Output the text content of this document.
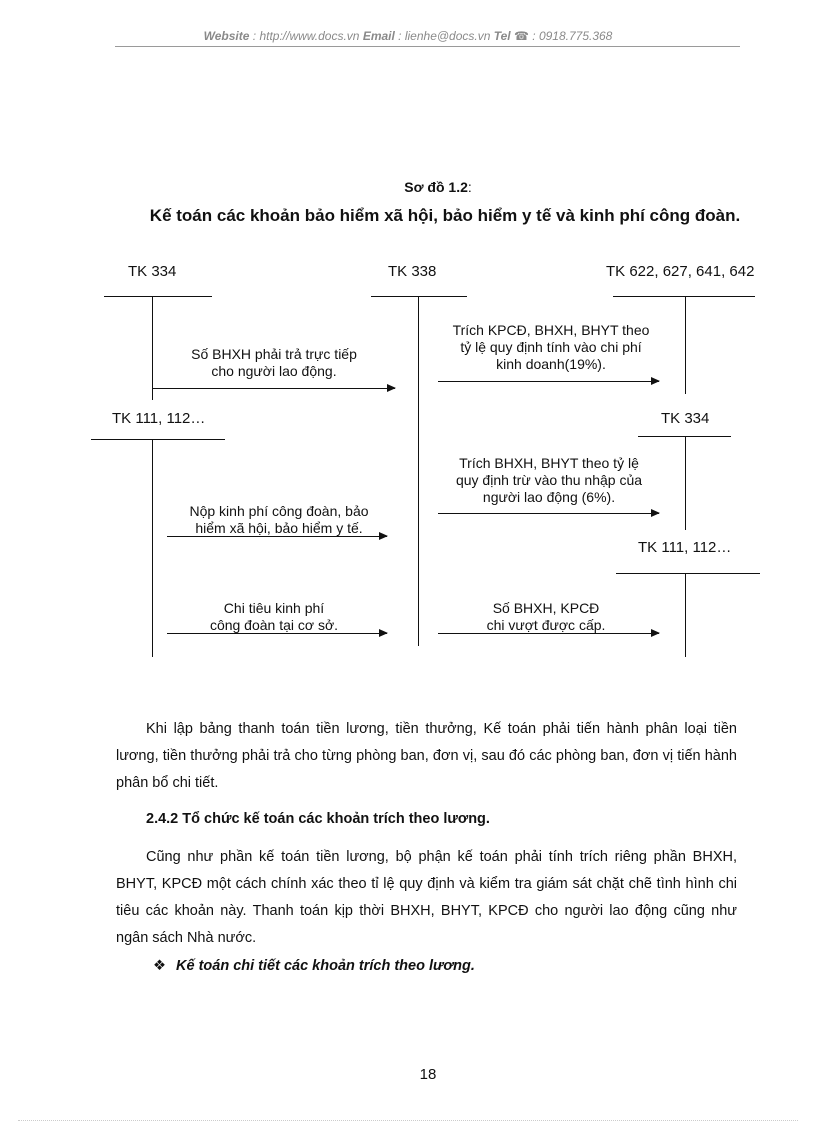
Website : http://www.docs.vn Email : lienhe@docs.vn Tel ☎ : 0918.775.368
Sơ đồ 1.2:
Kế toán các khoản bảo hiểm xã hội, bảo hiểm y tế và kinh phí công đoàn.
TK 334	TK 338	TK 622, 627, 641, 642
Số BHXH phải trả trực tiếp
cho người lao động.
Trích KPCĐ, BHXH, BHYT theo
tỷ lệ quy định tính vào chi phí
kinh doanh(19%).
TK 111, 112…	TK 334
Trích BHXH, BHYT theo tỷ lệ
quy định trừ vào thu nhập của
người lao động (6%).
Nộp kinh phí công đoàn, bảo
hiểm xã hội, bảo hiểm y tế.
TK 111, 112…
Chi tiêu kinh phí
công đoàn tại cơ sở.
Số BHXH, KPCĐ
chi vượt được cấp.
Khi lập bảng thanh toán tiền lương, tiền thưởng, Kế toán phải tiến hành phân loại tiền lương, tiền thưởng phải trả cho từng phòng ban, đơn vị, sau đó các phòng ban, đơn vị tiến hành phân bổ chi tiết.
2.4.2 Tổ chức kế toán các khoản trích theo lương.
Cũng như phần kế toán tiền lương, bộ phận kế toán phải tính trích riêng phần BHXH, BHYT, KPCĐ một cách chính xác theo tỉ lệ quy định và kiểm tra giám sát chặt chẽ tình hình chi tiêu các khoản này. Thanh toán kịp thời BHXH, BHYT, KPCĐ cho người lao động cũng như ngân sách Nhà nước.
❖ Kế toán chi tiết các khoản trích theo lương.
18
